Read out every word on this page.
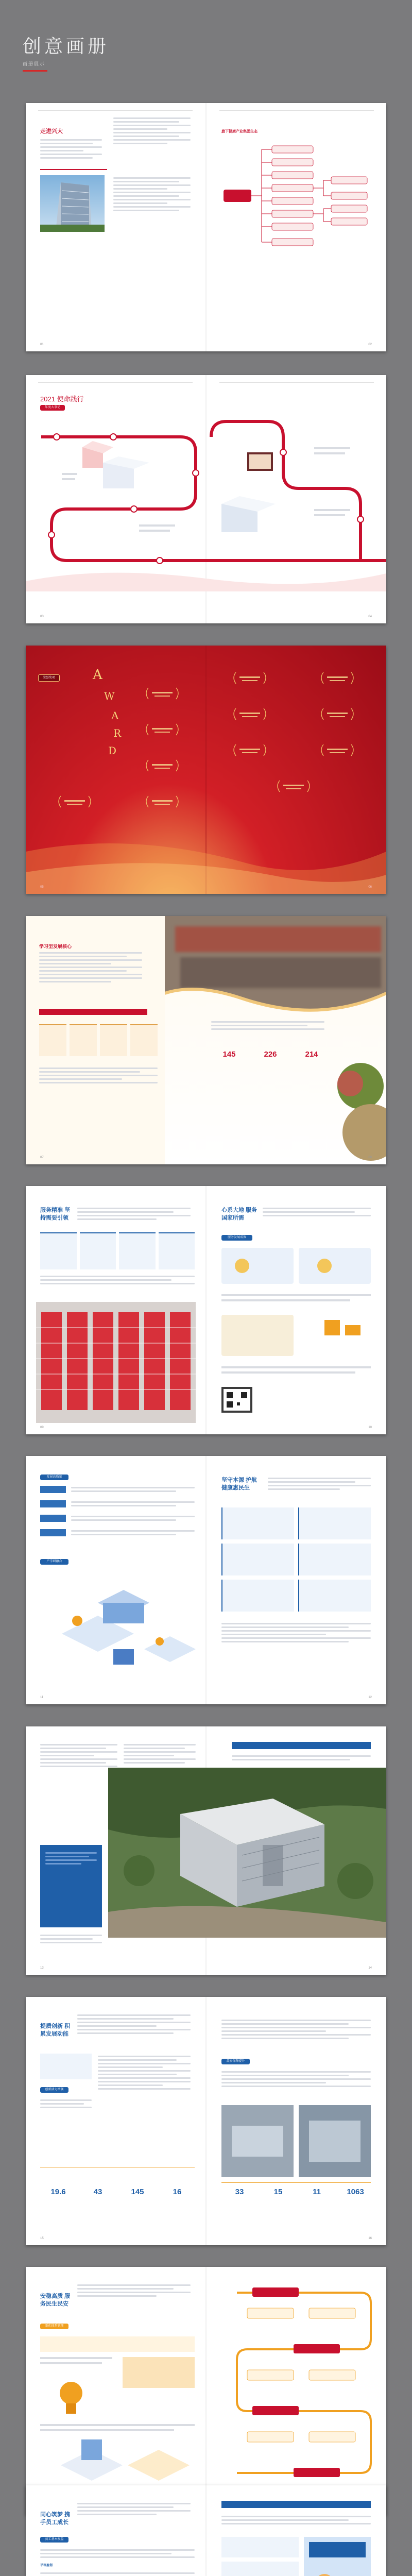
创意画册
画册展示
走进兴大	旗下健康产业集团生态
01	02
2021 使命践行
年度大事记
03	04
荣誉奖项	A
W
A
R
D
05	06
学习型发展核心
145	226	214
07	08
服务精准 坚持需要引领
心系大地 服务国家所需
服务发展成效
09	10
发展高质量
产学研融合
坚守本源 护航健康惠民生
11	12
13	14
提质创新 积累发展动能
创新活力增强
19.6	43	145	16
品质保障提升
33	15	11	1063
15	16
安稳高质 服务民生民安
新化体系管理
同心筑梦 携手员工成长
员工基本权益
平等雇佣
